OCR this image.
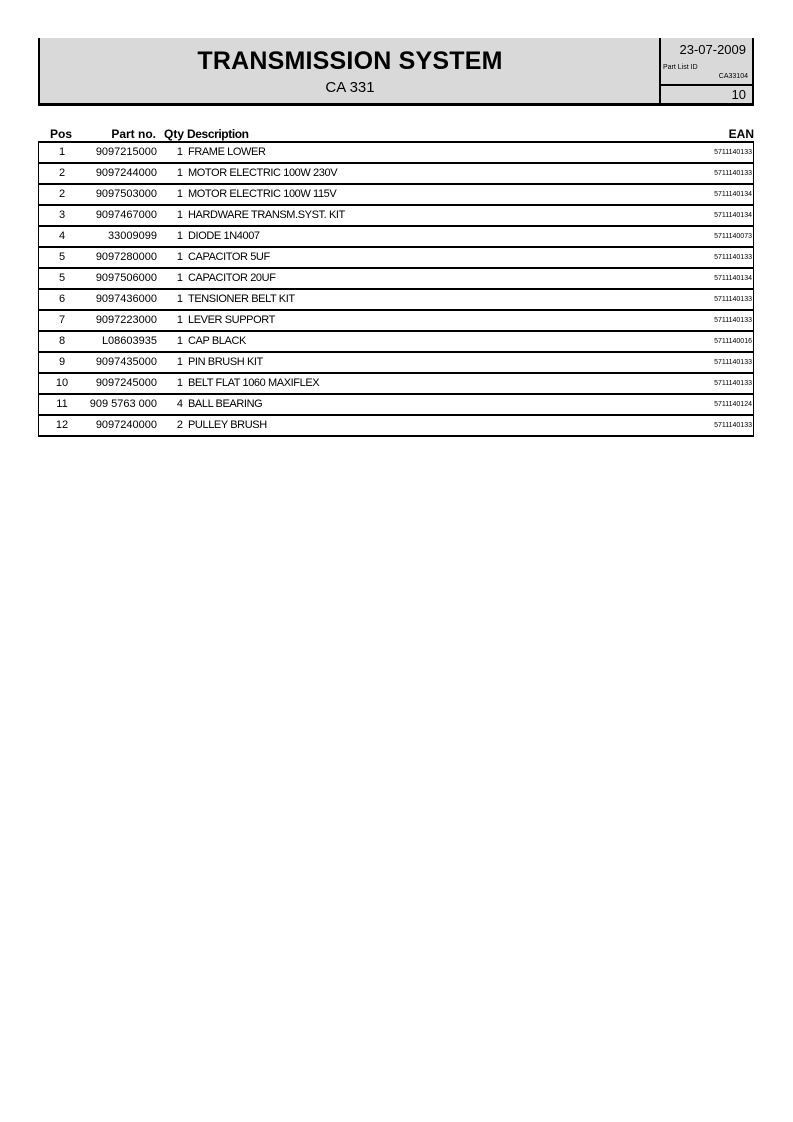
TRANSMISSION SYSTEM
CA 331
23-07-2009
Part List ID
CA33104
10
Pos	Part no. Qty Description	EAN
1	9097215000	1 FRAME LOWER	5711140133
2	9097244000	1 MOTOR ELECTRIC 100W 230V	5711140133
2	9097503000	1 MOTOR ELECTRIC 100W 115V	5711140134
3	9097467000	1 HARDWARE TRANSM.SYST. KIT	5711140134
4	33009099	1 DIODE 1N4007	5711140073
5	9097280000	1 CAPACITOR 5UF	5711140133
5	9097506000	1 CAPACITOR 20UF	5711140134
6	9097436000	1 TENSIONER BELT KIT	5711140133
7	9097223000	1 LEVER SUPPORT	5711140133
8	L08603935	1 CAP BLACK	5711140016
9	9097435000	1 PIN BRUSH KIT	5711140133
10	9097245000	1 BELT FLAT 1060 MAXIFLEX	5711140133
11	909 5763 000	4 BALL BEARING	5711140124
12	9097240000	2 PULLEY BRUSH	5711140133
